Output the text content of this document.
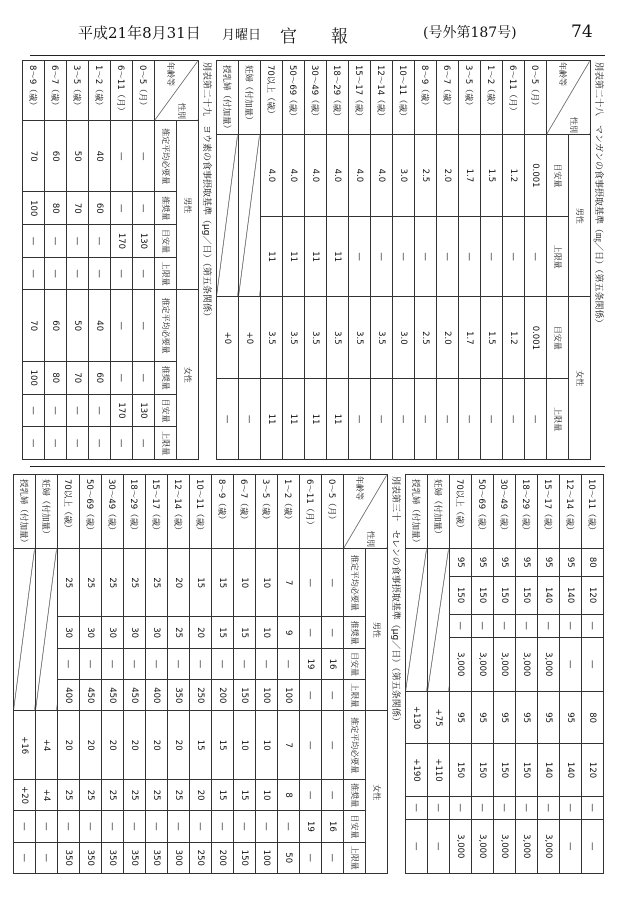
平成21年8月31日 月曜日 官　　報	(号外第187号)	74
別表第二十八　マンガンの食事摂取基準（㎎／日）（第五条関係）
性別
年齢等	男性		女性	
	目安量	上限量	目安量	上限量
0～5（月）	0.001	—	0.001	—
6～11（月）	1.2	—	1.2	—
1～2（歳）	1.5	—	1.5	—
3～5（歳）	1.7	—	1.7	—
6～7（歳）	2.0	—	2.0	—
8～9（歳）	2.5	—	2.5	—
10～11（歳）	3.0	—	3.0	—
12～14（歳）	4.0	—	3.5	—
15～17（歳）	4.0	—	3.5	—
18～29（歳）	4.0	11	3.5	11
30～49（歳）	4.0	11	3.5	11
50～69（歳）	4.0	11	3.5	11
70以上（歳）	4.0	11	3.5	11
妊婦（付加量）			+0	—
授乳婦（付加量）			+0	—
別表第二十九　ヨウ素の食事摂取基準（μg／日）（第五条関係）
性別
年齢等	男性				女性			
	推定平均必要量	推奨量	目安量	上限量	推定平均必要量	推奨量	目安量	上限量
0～5（月）	—	—	130	—	—	—	130	—
6～11（月）	—	—	170	—	—	—	170	—
1～2（歳）	40	60	—	—	40	60	—	—
3～5（歳）	50	70	—	—	50	70	—	—
6～7（歳）	60	80	—	—	60	80	—	—
8～9（歳）	70	100	—	—	70	100	—	—
10～11（歳）	80	120	—	—	80	120	—	—
12～14（歳）	95	140	—	—	95	140	—	—
15～17（歳）	95	140	—	3,000	95	140	—	3,000
18～29（歳）	95	150	—	3,000	95	150	—	3,000
30～49（歳）	95	150	—	3,000	95	150	—	3,000
50～69（歳）	95	150	—	3,000	95	150	—	3,000
70以上（歳）	95	150	—	3,000	95	150	—	3,000
妊婦（付加量）					+75	+110	—	—
授乳婦（付加量）					+130	+190	—	—
別表第三十　セレンの食事摂取基準（μg／日）（第五条関係）
性別
年齢等	男性				女性			
	推定平均必要量	推奨量	目安量	上限量	推定平均必要量	推奨量	目安量	上限量
0～5（月）	—	—	16	—	—	—	16	—
6～11（月）	—	—	19	—	—	—	19	—
1～2（歳）	7	9	—	100	7	8	—	50
3～5（歳）	10	10	—	100	10	10	—	100
6～7（歳）	10	15	—	150	10	15	—	150
8～9（歳）	15	15	—	200	15	15	—	200
10～11（歳）	15	20	—	250	15	20	—	250
12～14（歳）	20	25	—	350	20	25	—	300
15～17（歳）	25	30	—	400	20	25	—	350
18～29（歳）	25	30	—	450	20	25	—	350
30～49（歳）	25	30	—	450	20	25	—	350
50～69（歳）	25	30	—	450	20	25	—	350
70以上（歳）	25	30	—	400	20	25	—	350
妊婦（付加量）					+4	+4	—	—
授乳婦（付加量）					+16	+20	—	—
